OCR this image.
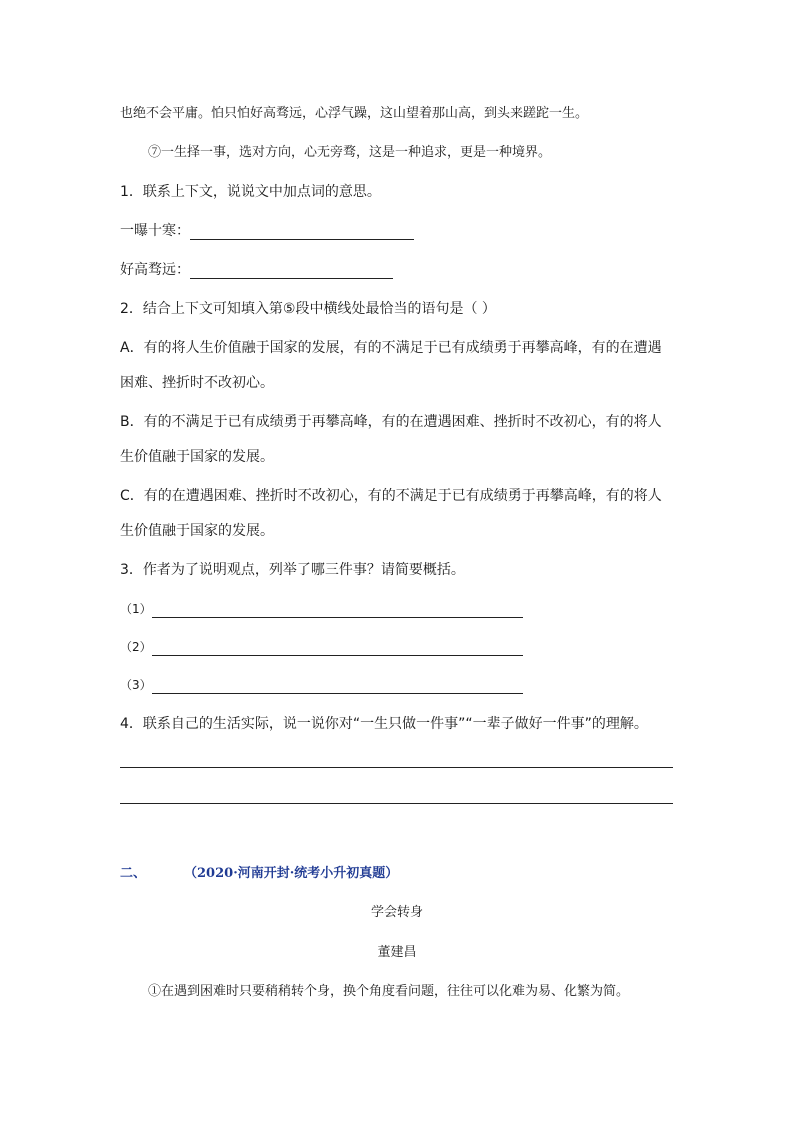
也绝不会平庸。怕只怕好高骛远，心浮气躁，这山望着那山高，到头来蹉跎一生。
⑦一生择一事，选对方向，心无旁骛，这是一种追求，更是一种境界。
1．联系上下文，说说文中加点词的意思。
一曝十寒：
好高骛远：
2．结合上下文可知填入第⑤段中横线处最恰当的语句是（ ）
A．有的将人生价值融于国家的发展，有的不满足于已有成绩勇于再攀高峰，有的在遭遇
困难、挫折时不改初心。
B．有的不满足于已有成绩勇于再攀高峰，有的在遭遇困难、挫折时不改初心，有的将人
生价值融于国家的发展。
C．有的在遭遇困难、挫折时不改初心，有的不满足于已有成绩勇于再攀高峰，有的将人
生价值融于国家的发展。
3．作者为了说明观点，列举了哪三件事？请简要概括。
（1）
（2）
（3）
4．联系自己的生活实际，说一说你对“一生只做一件事”“一辈子做好一件事”的理解。
二、	（2020·河南开封·统考小升初真题）
学会转身
董建昌
①在遇到困难时只要稍稍转个身，换个角度看问题，往往可以化难为易、化繁为简。
